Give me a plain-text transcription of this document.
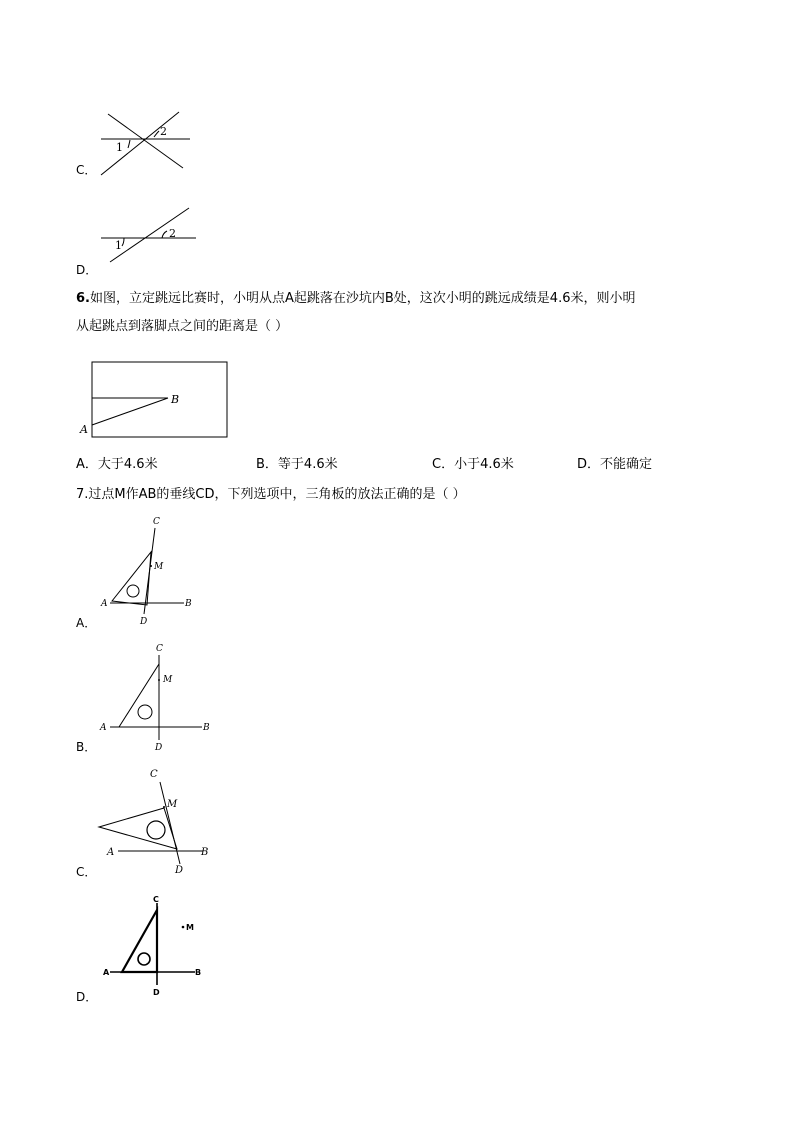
1
2
1
2
C．
D．
6.如图，立定跳远比赛时，小明从点A起跳落在沙坑内B处，这次小明的跳远成绩是4.6米，则小明
从起跳点到落脚点之间的距离是（ ）
A
B
A．大于4.6米	B．等于4.6米	C．小于4.6米	D．不能确定
7.过点M作AB的垂线CD，下列选项中，三角板的放法正确的是（ ）
C
M
A	B
D
C
M
A	B
D
C
M
A	B
D
C
M
A	B
D
A．
B．
C．
D．
